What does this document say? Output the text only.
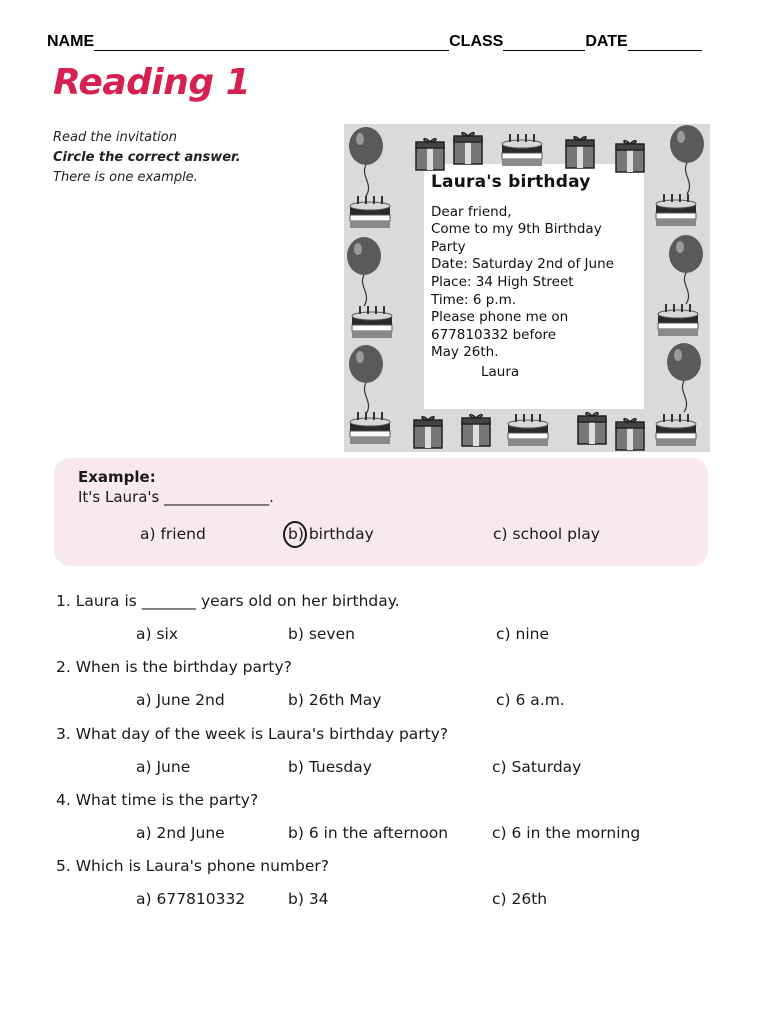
NAME	CLASS	DATE
Reading 1
Read the invitation
Circle the correct answer.
There is one example.	Laura's birthday
Dear friend,
Come to my 9th Birthday
Party
Date: Saturday 2nd of June
Place: 34 High Street
Time: 6 p.m.
Please phone me on
677810332 before
May 26th.
Laura
Example:
It's Laura's ______________.
a) friend	b) birthday	c) school play
1. Laura is _______ years old on her birthday.
a) six	b) seven	c) nine
2. When is the birthday party?
a) June 2nd	b) 26th May	c) 6 a.m.
3. What day of the week is Laura's birthday party?
a) June	b) Tuesday	c) Saturday
4. What time is the party?
a) 2nd June	b) 6 in the afternoon	c) 6 in the morning
5. Which is Laura's phone number?
a) 677810332	b) 34	c) 26th
